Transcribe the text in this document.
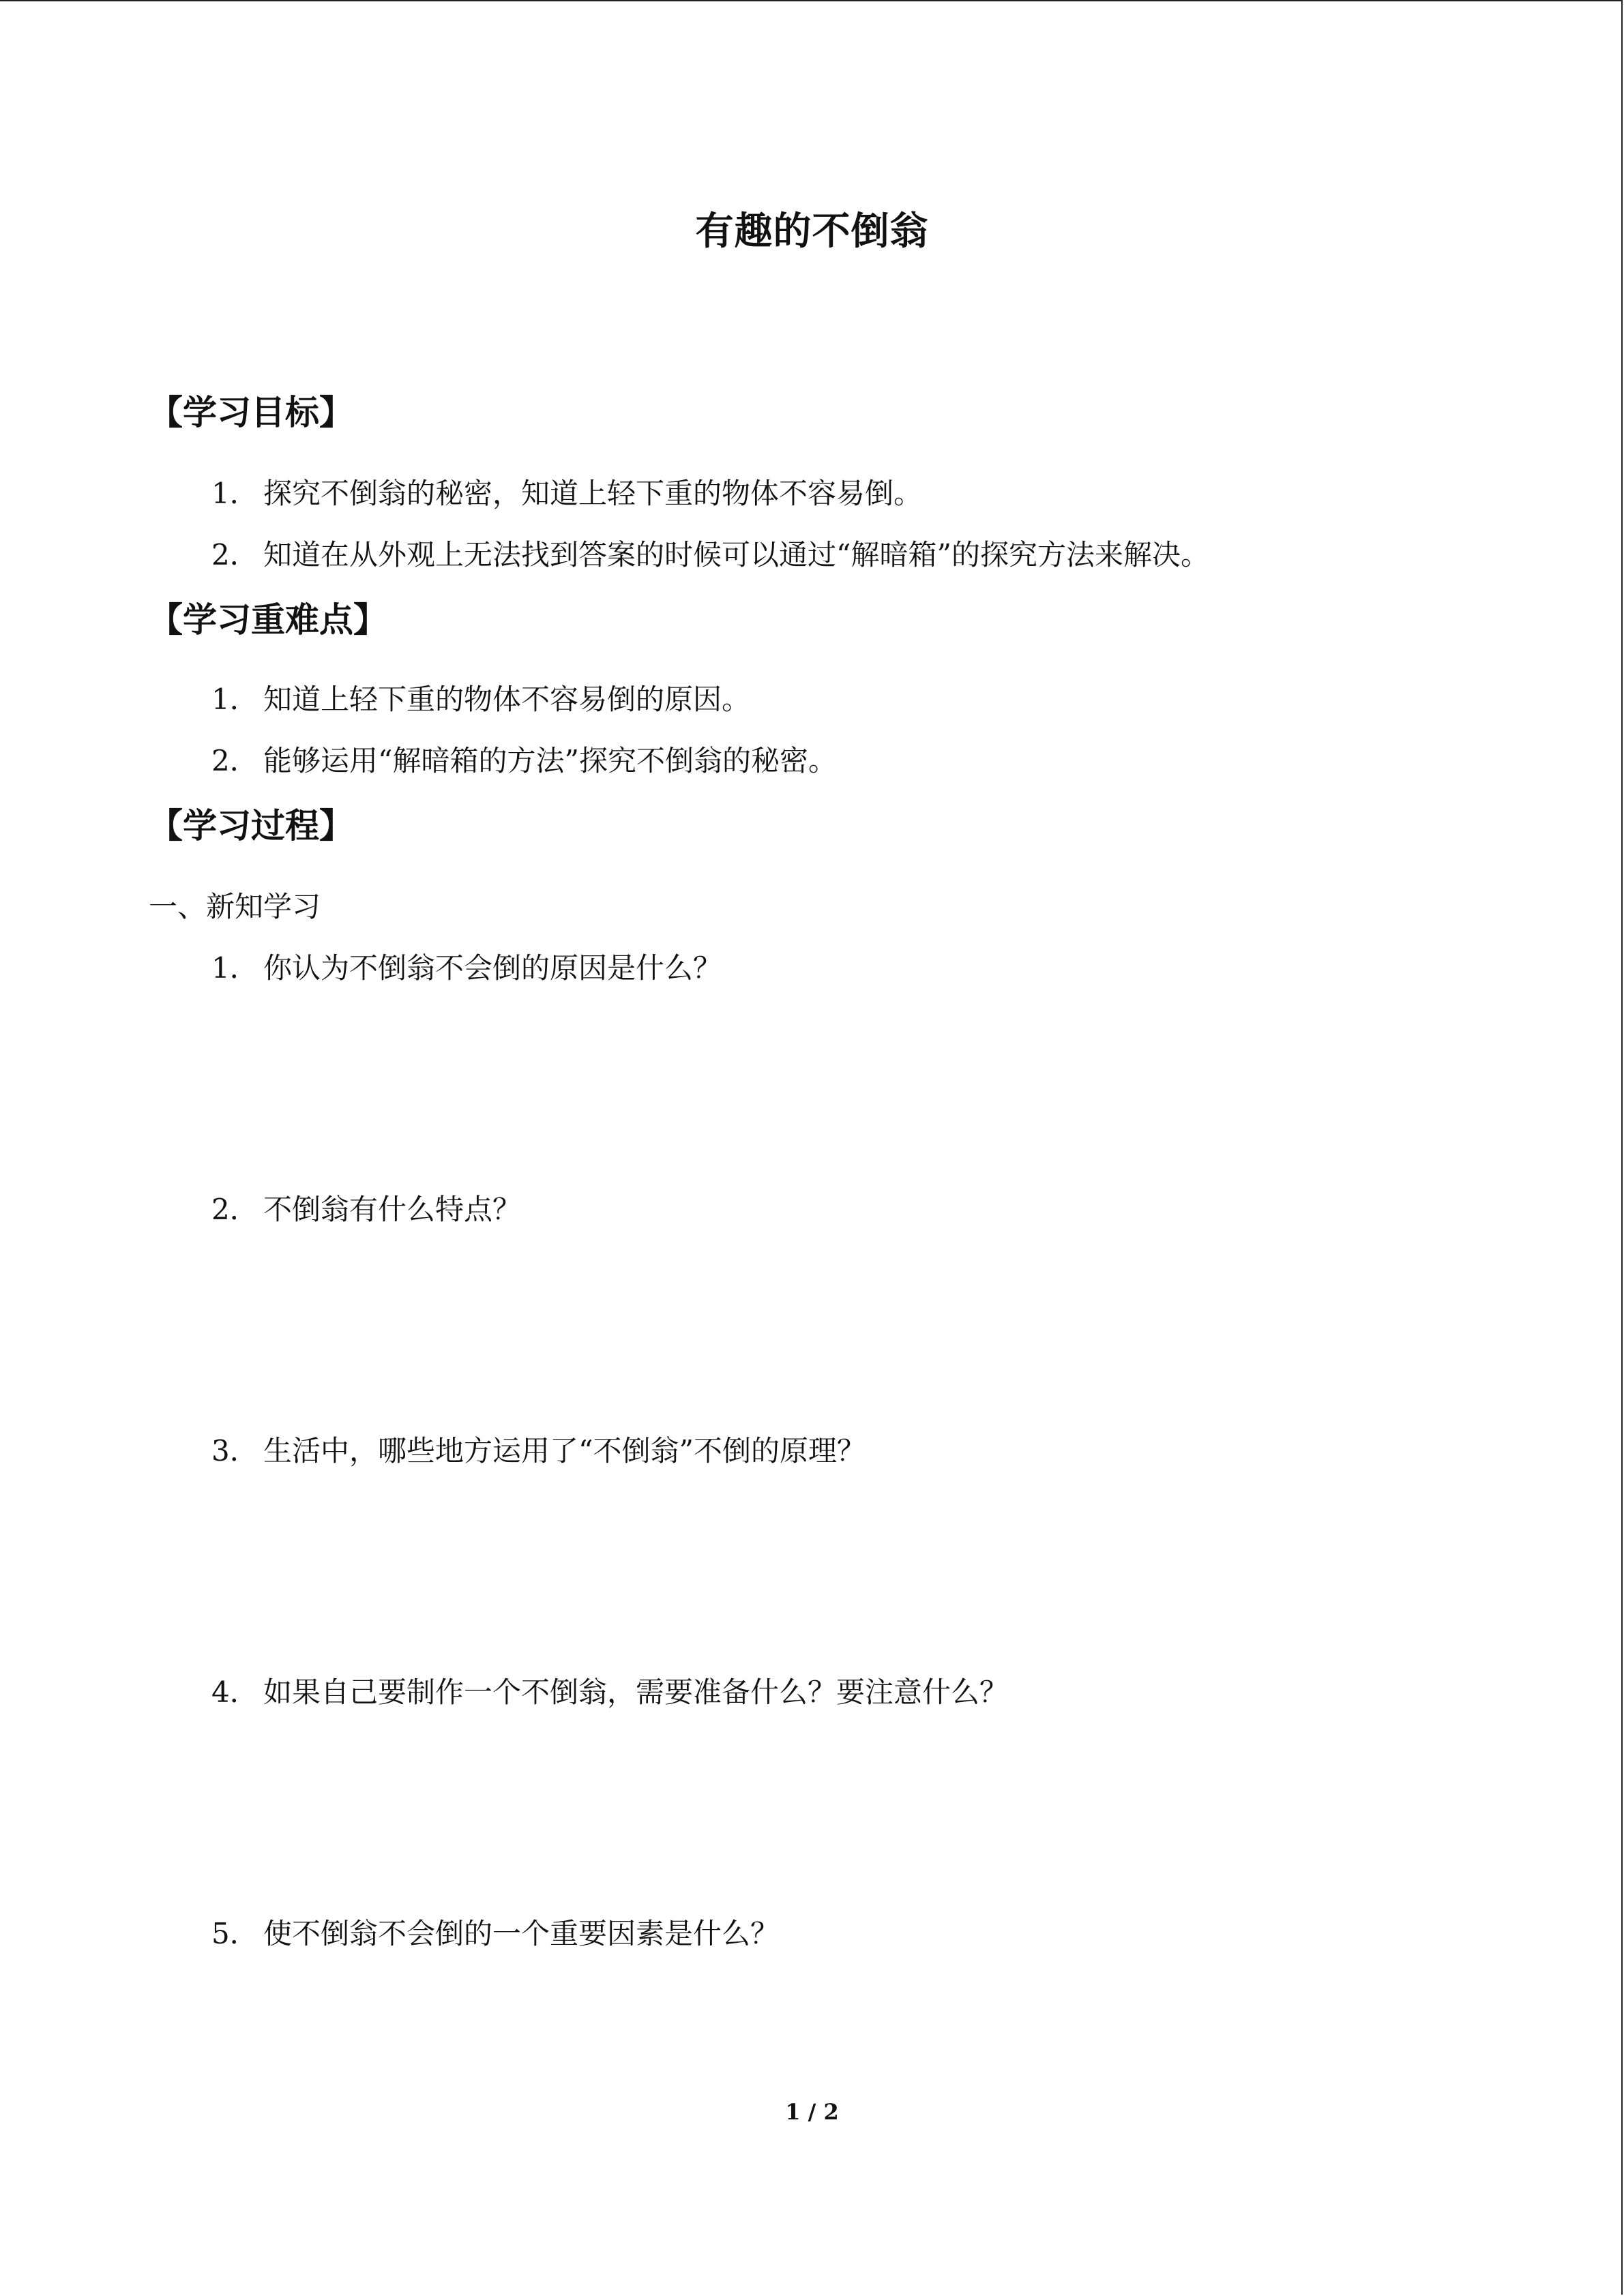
有趣的不倒翁
【学习目标】
1． 探究不倒翁的秘密，知道上轻下重的物体不容易倒。
2． 知道在从外观上无法找到答案的时候可以通过“解暗箱”的探究方法来解决。
【学习重难点】
1． 知道上轻下重的物体不容易倒的原因。
2． 能够运用“解暗箱的方法”探究不倒翁的秘密。
【学习过程】
一、新知学习
1． 你认为不倒翁不会倒的原因是什么？
2． 不倒翁有什么特点？
3． 生活中，哪些地方运用了“不倒翁”不倒的原理？
4． 如果自己要制作一个不倒翁，需要准备什么？要注意什么？
5． 使不倒翁不会倒的一个重要因素是什么？
1 / 2
